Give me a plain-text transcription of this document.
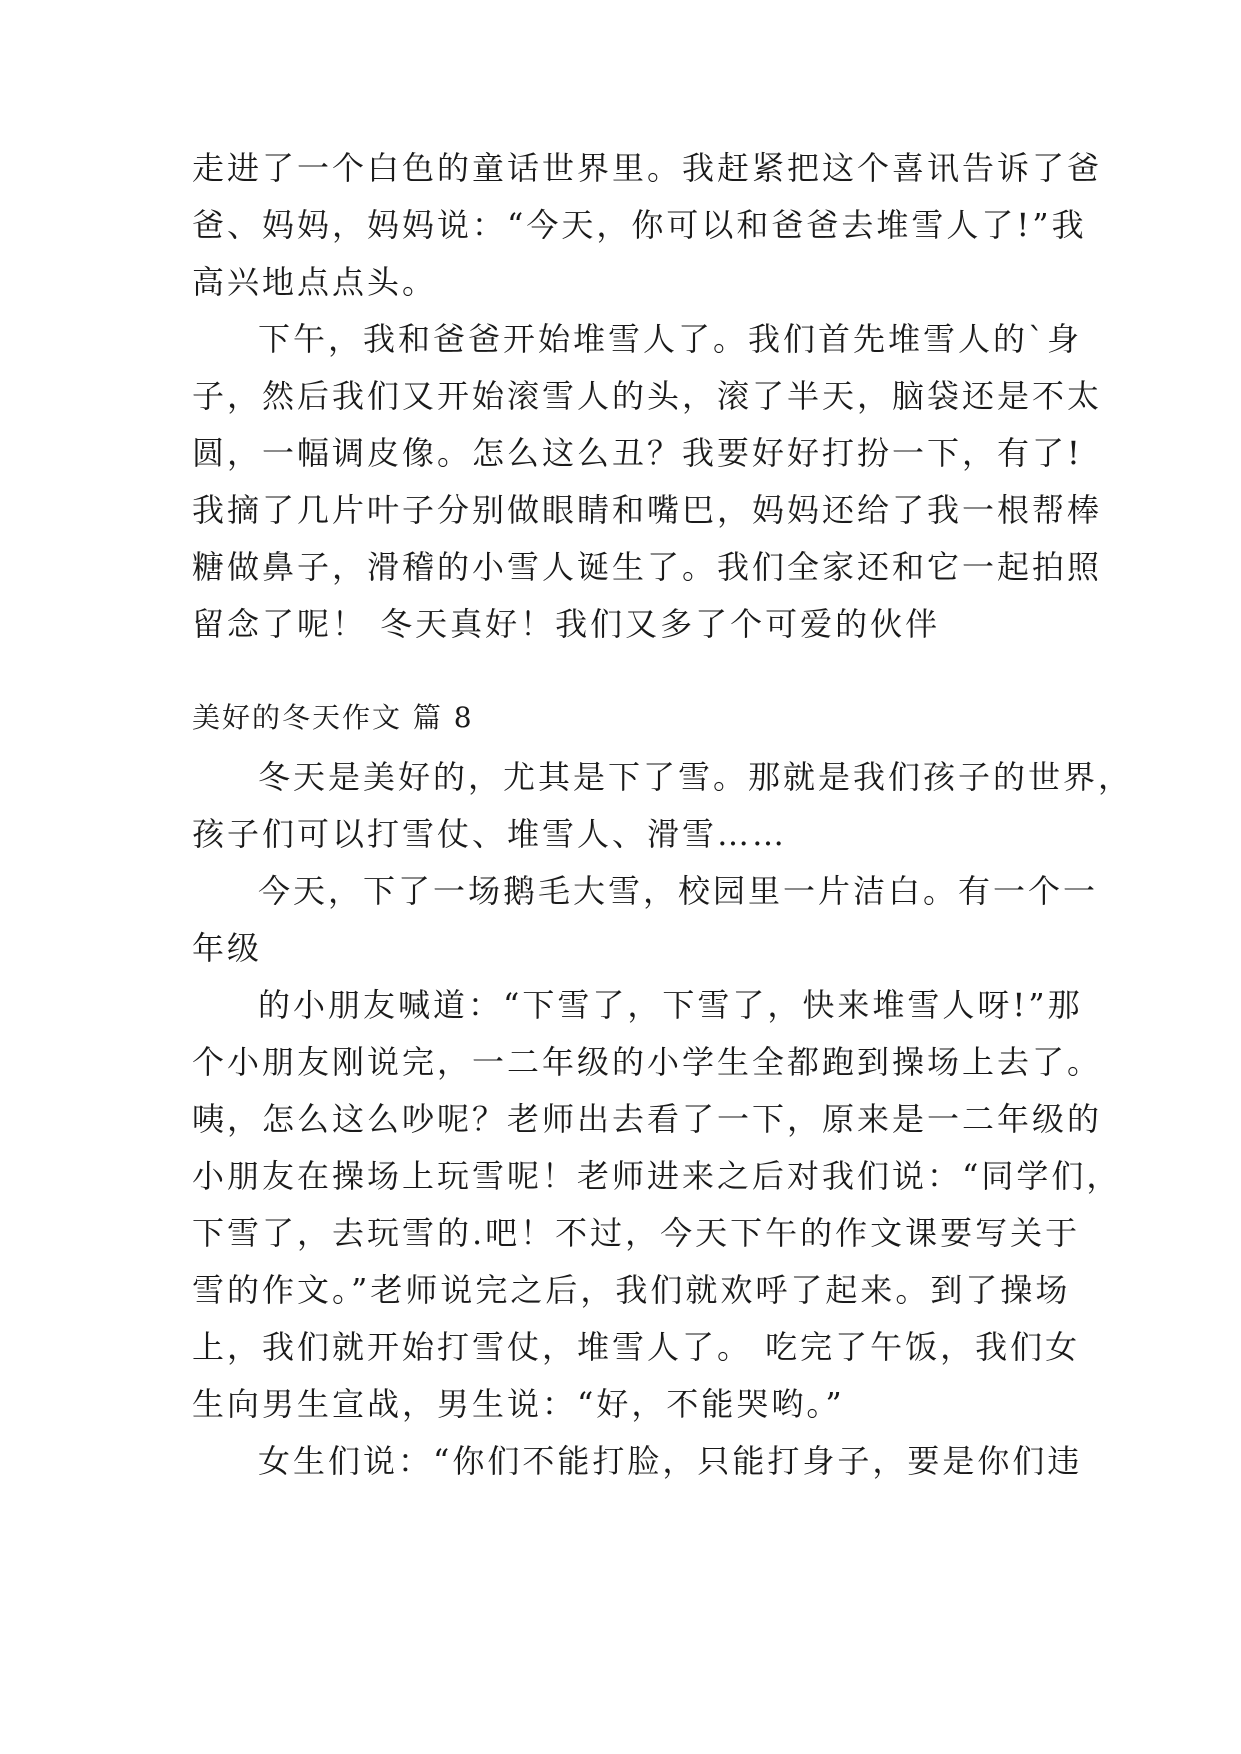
走进了一个白色的童话世界里。我赶紧把这个喜讯告诉了爸
爸、妈妈，妈妈说：“今天，你可以和爸爸去堆雪人了!”我
高兴地点点头。
下午，我和爸爸开始堆雪人了。我们首先堆雪人的`身
子，然后我们又开始滚雪人的头，滚了半天，脑袋还是不太
圆，一幅调皮像。怎么这么丑？我要好好打扮一下，有了!
我摘了几片叶子分别做眼睛和嘴巴，妈妈还给了我一根帮棒
糖做鼻子，滑稽的小雪人诞生了。我们全家还和它一起拍照
留念了呢！ 冬天真好！我们又多了个可爱的伙伴
美好的冬天作文 篇 8
冬天是美好的，尤其是下了雪。那就是我们孩子的世界，
孩子们可以打雪仗、堆雪人、滑雪……
今天，下了一场鹅毛大雪，校园里一片洁白。有一个一
年级
的小朋友喊道：“下雪了，下雪了，快来堆雪人呀!”那
个小朋友刚说完，一二年级的小学生全都跑到操场上去了。
咦，怎么这么吵呢？老师出去看了一下，原来是一二年级的
小朋友在操场上玩雪呢！老师进来之后对我们说：“同学们，
下雪了，去玩雪的.吧！不过，今天下午的作文课要写关于
雪的作文。”老师说完之后，我们就欢呼了起来。到了操场
上，我们就开始打雪仗，堆雪人了。 吃完了午饭，我们女
生向男生宣战，男生说：“好，不能哭哟。”
女生们说：“你们不能打脸，只能打身子，要是你们违
